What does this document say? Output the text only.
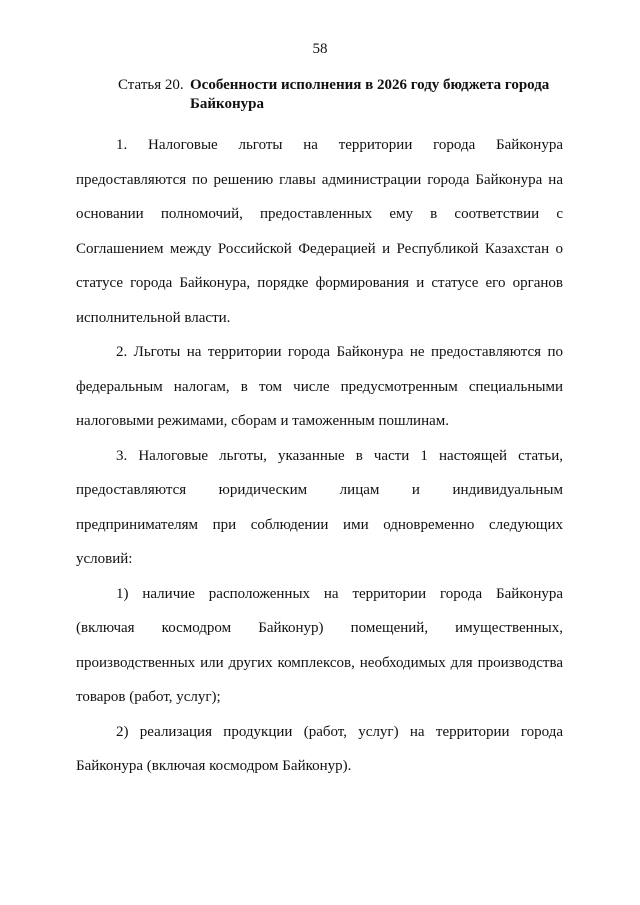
58
Статья 20. Особенности исполнения в 2026 году бюджета города Байконура

1. Налоговые льготы на территории города Байконура предоставляются по решению главы администрации города Байконура на основании полномочий, предоставленных ему в соответствии с Соглашением между Российской Федерацией и Республикой Казахстан о статусе города Байконура, порядке формирования и статусе его органов исполнительной власти.

2. Льготы на территории города Байконура не предоставляются по федеральным налогам, в том числе предусмотренным специальными налоговыми режимами, сборам и таможенным пошлинам.

3. Налоговые льготы, указанные в части 1 настоящей статьи, предоставляются юридическим лицам и индивидуальным предпринимателям при соблюдении ими одновременно следующих условий:

1) наличие расположенных на территории города Байконура (включая космодром Байконур) помещений, имущественных, производственных или других комплексов, необходимых для производства товаров (работ, услуг);

2) реализация продукции (работ, услуг) на территории города Байконура (включая космодром Байконур).
